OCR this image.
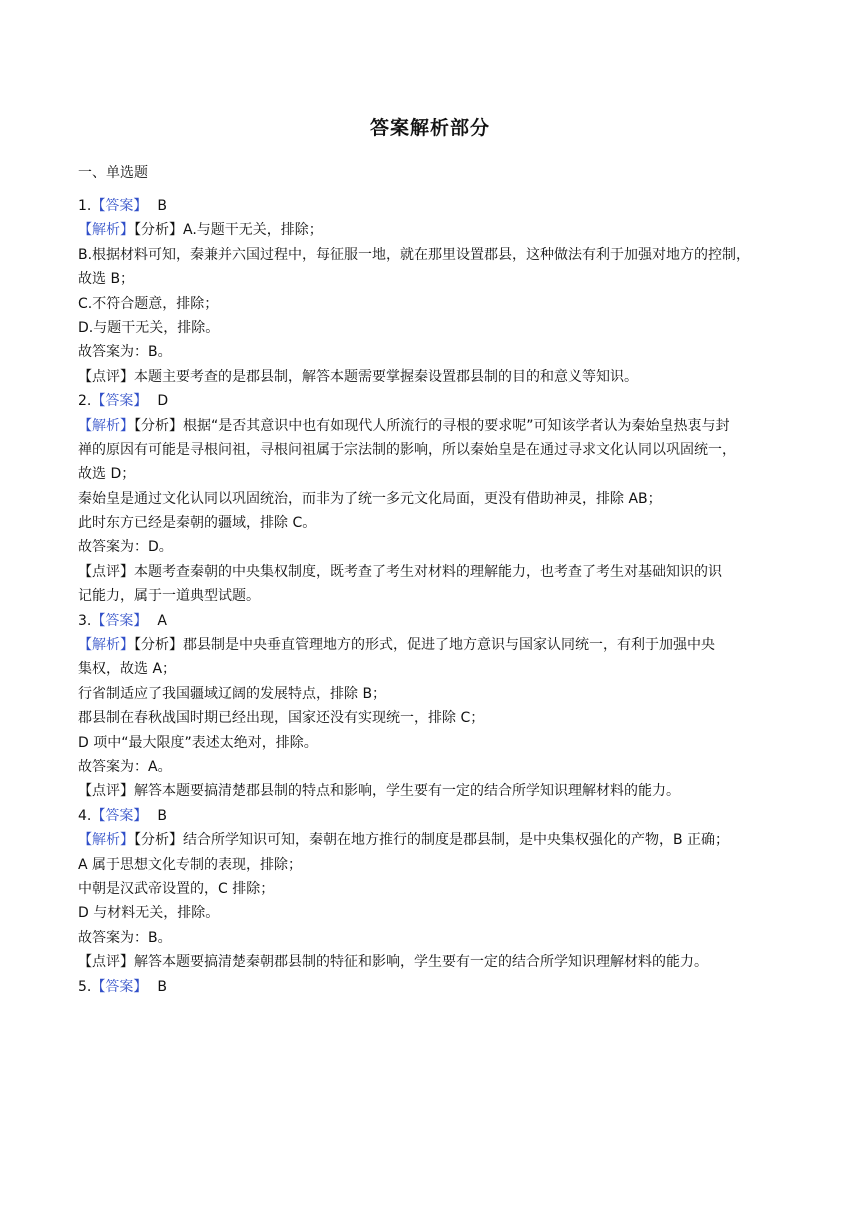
答案解析部分
一、单选题
1.【答案】 B
【解析】【分析】A.与题干无关，排除；
B.根据材料可知，秦兼并六国过程中，每征服一地，就在那里设置郡县，这种做法有利于加强对地方的控制，
故选 B；
C.不符合题意，排除；
D.与题干无关，排除。
故答案为：B。
【点评】本题主要考查的是郡县制，解答本题需要掌握秦设置郡县制的目的和意义等知识。
2.【答案】 D
【解析】【分析】根据“是否其意识中也有如现代人所流行的寻根的要求呢”可知该学者认为秦始皇热衷与封
禅的原因有可能是寻根问祖，寻根问祖属于宗法制的影响，所以秦始皇是在通过寻求文化认同以巩固统一，
故选 D；
秦始皇是通过文化认同以巩固统治，而非为了统一多元文化局面，更没有借助神灵，排除 AB；
此时东方已经是秦朝的疆域，排除 C。
故答案为：D。
【点评】本题考查秦朝的中央集权制度，既考查了考生对材料的理解能力，也考查了考生对基础知识的识
记能力，属于一道典型试题。
3.【答案】 A
【解析】【分析】郡县制是中央垂直管理地方的形式，促进了地方意识与国家认同统一，有利于加强中央
集权，故选 A；
行省制适应了我国疆域辽阔的发展特点，排除 B；
郡县制在春秋战国时期已经出现，国家还没有实现统一，排除 C；
D 项中“最大限度”表述太绝对，排除。
故答案为：A。
【点评】解答本题要搞清楚郡县制的特点和影响，学生要有一定的结合所学知识理解材料的能力。
4.【答案】 B
【解析】【分析】结合所学知识可知，秦朝在地方推行的制度是郡县制，是中央集权强化的产物，B 正确；
A 属于思想文化专制的表现，排除；
中朝是汉武帝设置的，C 排除；
D 与材料无关，排除。
故答案为：B。
【点评】解答本题要搞清楚秦朝郡县制的特征和影响，学生要有一定的结合所学知识理解材料的能力。
5.【答案】 B
